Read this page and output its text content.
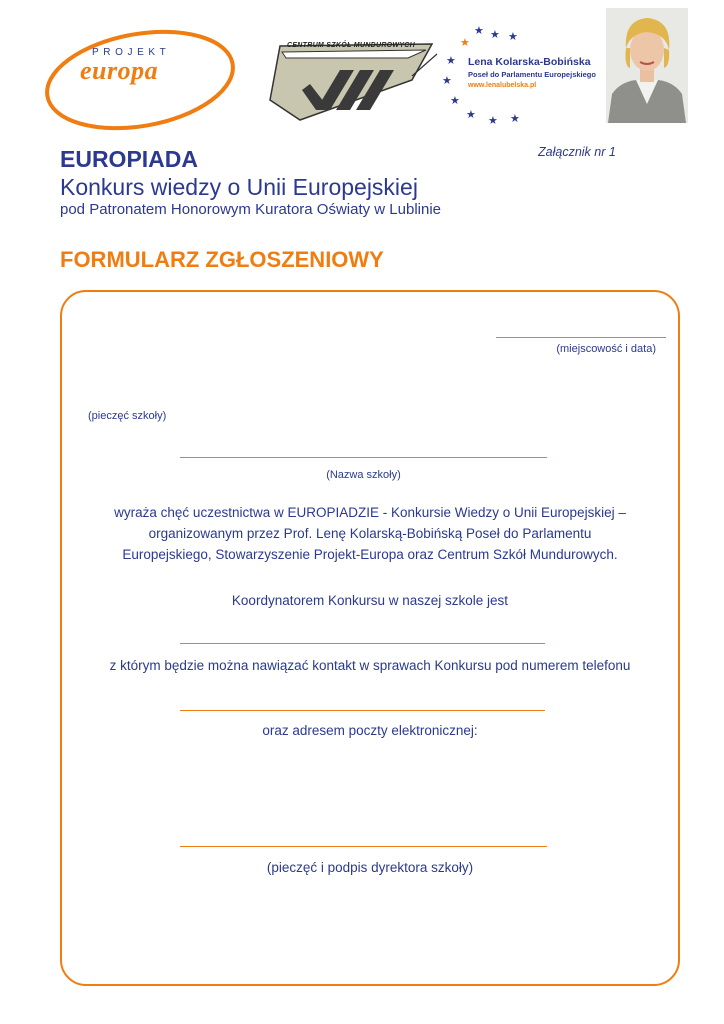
PROJEKT
europa
CENTRUM SZKÓŁ MUNDUROWYCH
★
★	★
★
★
★
★ ★ ★
★
Lena Kolarska-Bobińska
Poseł do Parlamentu Europejskiego
www.lenalubelska.pl
Załącznik nr 1
EUROPIADA
Konkurs wiedzy o Unii Europejskiej
pod Patronatem Honorowym Kuratora Oświaty w Lublinie
FORMULARZ ZGŁOSZENIOWY
(miejscowość i data)
(pieczęć szkoły)
(Nazwa szkoły)
wyraża chęć uczestnictwa w EUROPIADZIE - Konkursie Wiedzy o Unii Europejskiej –
organizowanym przez Prof. Lenę Kolarską-Bobińską Poseł do Parlamentu
Europejskiego, Stowarzyszenie Projekt-Europa oraz Centrum Szkół Mundurowych.
Koordynatorem Konkursu w naszej szkole jest
z którym będzie można nawiązać kontakt w sprawach Konkursu pod numerem telefonu
oraz adresem poczty elektronicznej:
(pieczęć i podpis dyrektora szkoły)
